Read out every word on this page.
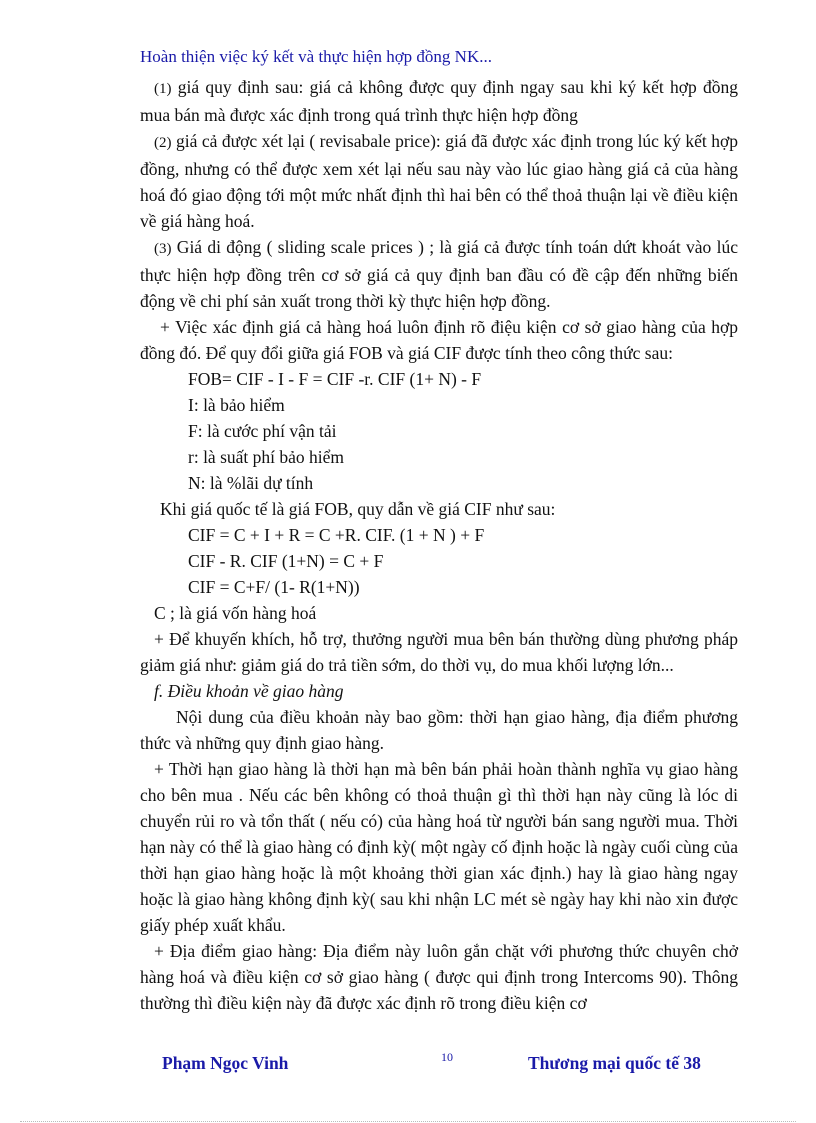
Hoàn thiện việc ký kết và thực hiện hợp đồng NK...

(1) giá quy định sau: giá cả không được quy định ngay sau khi ký kết hợp đồng mua bán mà được xác định trong quá trình thực hiện hợp đồng

(2) giá cả được xét lại ( revisabale price): giá đã được xác định trong lúc ký kết hợp đồng, nhưng có thể được xem xét lại nếu sau này vào lúc giao hàng giá cả của hàng hoá đó giao động tới một mức nhất định thì hai bên có thể thoả thuận lại về điều kiện về giá hàng hoá.

(3) Giá di động ( sliding scale prices ) ; là giá cả được tính toán dứt khoát vào lúc thực hiện hợp đồng trên cơ sở giá cả quy định ban đầu có đề cập đến những biến động về chi phí sản xuất trong thời kỳ thực hiện hợp đồng.

+ Việc xác định giá cả hàng hoá luôn định rõ điệu kiện cơ sở giao hàng của hợp đồng đó. Để quy đổi giữa giá FOB và giá CIF được tính theo công thức sau:

FOB= CIF - I - F = CIF -r. CIF (1+ N) - F

I: là bảo hiểm

F: là cước phí vận tải

r: là suất phí bảo hiểm

N: là %lãi dự tính

Khi giá quốc tế là giá FOB, quy dẫn về giá CIF như sau:

CIF = C + I + R = C +R. CIF. (1 + N ) + F

CIF - R. CIF (1+N) = C + F

CIF = C+F/ (1- R(1+N))

C ; là giá vốn hàng hoá

+ Để khuyến khích, hỗ trợ, thưởng người mua bên bán thường dùng phương pháp giảm giá như: giảm giá do trả tiền sớm, do thời vụ, do mua khối lượng lớn...

f. Điều khoản về giao hàng

Nội dung của điều khoản này bao gồm: thời hạn giao hàng, địa điểm phương thức và những quy định giao hàng.

+ Thời hạn giao hàng là thời hạn mà bên bán phải hoàn thành nghĩa vụ giao hàng cho bên mua . Nếu các bên không có thoả thuận gì thì thời hạn này cũng là lóc di chuyển rủi ro và tổn thất ( nếu có) của hàng hoá từ người bán sang người mua. Thời hạn này có thể là giao hàng có định kỳ( một ngày cố định hoặc là ngày cuối cùng của thời hạn giao hàng hoặc là một khoảng thời gian xác định.) hay là giao hàng ngay hoặc là giao hàng không định kỳ( sau khi nhận LC mét sè ngày hay khi nào xin được giấy phép xuất khẩu.

+ Địa điểm giao hàng: Địa điểm này luôn gắn chặt với phương thức chuyên chở hàng hoá và điều kiện cơ sở giao hàng ( được qui định trong Intercoms 90). Thông thường thì điều kiện này đã được xác định rõ trong điều kiện cơ

Phạm Ngọc Vinh	10	Thương mại quốc tế 38
